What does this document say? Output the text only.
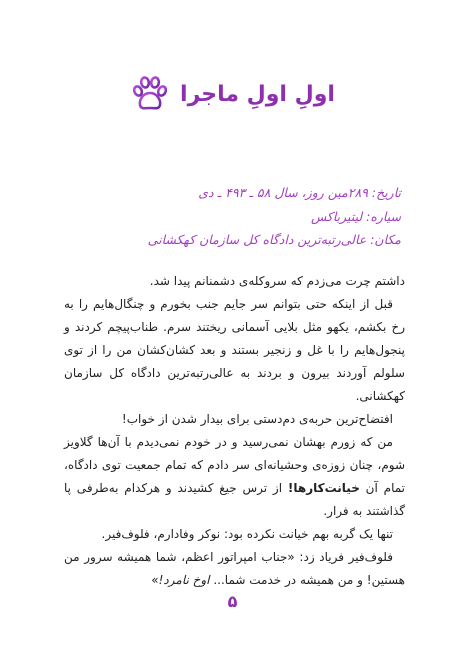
اولِ اولِ ماجرا
تاریخ: ۲۸۹مین روز، سال ۵۸ ـ ۴۹۳ ـ دی
سیاره: لیتیرباکس
مکان: عالی‌رتبه‌ترین دادگاه کل سازمان کهکشانی

داشتم چرت می‌زدم که سروکله‌ی دشمنانم پیدا شد.

قبل از اینکه حتی بتوانم سر جایم جنب بخورم و چنگال‌هایم را به رخ بکشم، یکهو مثل بلایی آسمانی ریختند سرم. طناب‌پیچم کردند و پنجول‌هایم را با غل و زنجیر بستند و بعد کشان‌کشان من را از توی سلولم آوردند بیرون و بردند به عالی‌رتبه‌ترین دادگاه کل سازمان کهکشانی.

افتضاح‌ترین حربه‌ی دم‌دستی برای بیدار شدن از خواب!

من که زورم بهشان نمی‌رسید و در خودم نمی‌دیدم با آن‌ها گلاویز شوم، چنان زوزه‌ی وحشیانه‌ای سر دادم که تمام جمعیت توی دادگاه، تمام آن خیانت‌کارها! از ترس جیغ کشیدند و هرکدام به‌طرفی پا گذاشتند به فرار.

تنها یک گربه بهم خیانت نکرده بود: نوکر وفادارم، فلوف‌فیر.

فلوف‌فیر فریاد زد: «جناب امپراتور اعظم، شما همیشه سرور من هستین! و من همیشه در خدمت شما... اوخ نامرد!»

۵
